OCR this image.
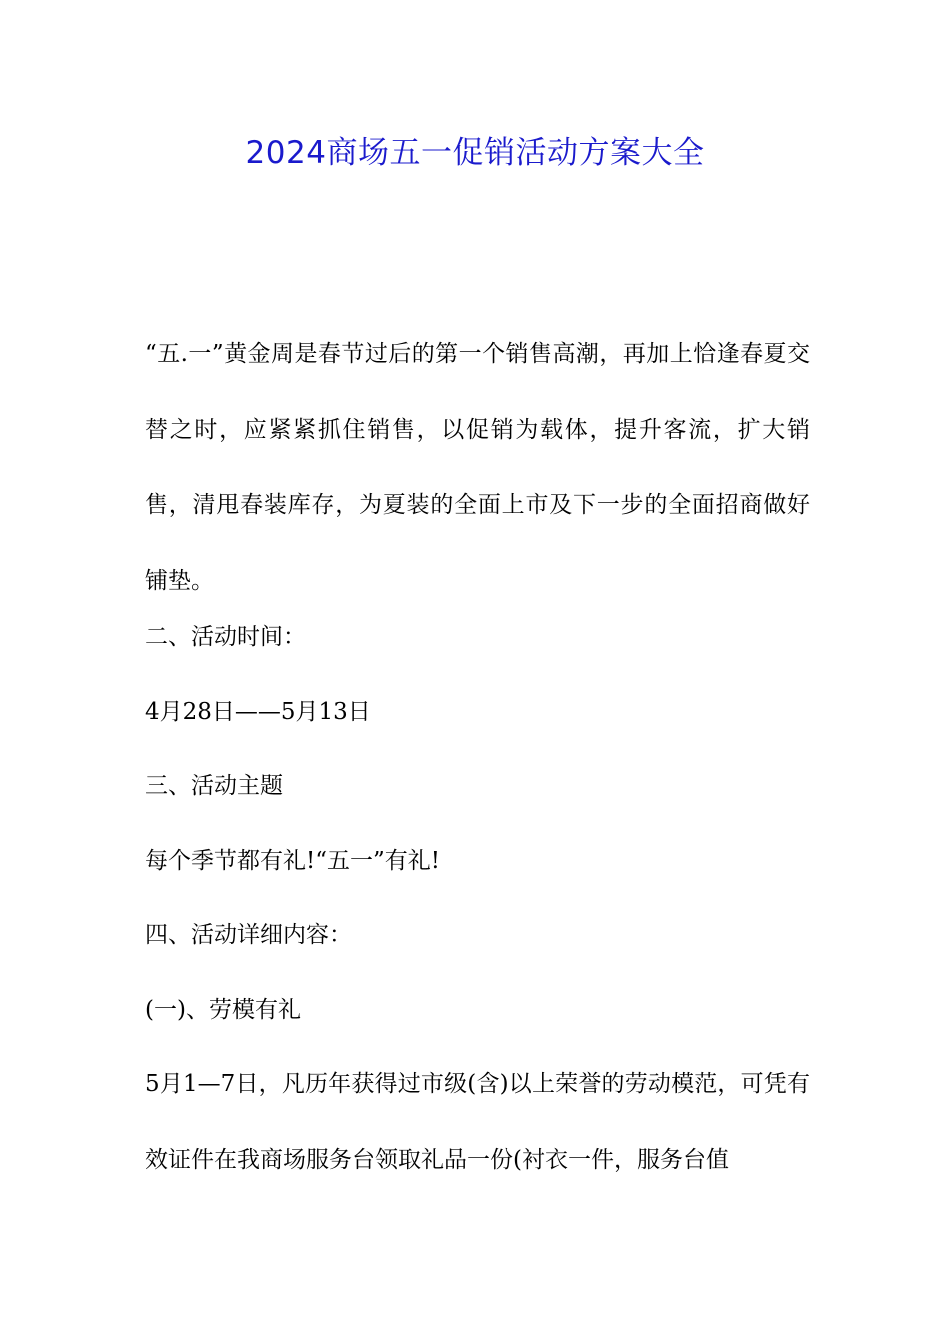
2024商场五一促销活动方案大全

“五.一”黄金周是春节过后的第一个销售高潮，再加上恰逢春夏交替之时，应紧紧抓住销售，以促销为载体，提升客流，扩大销售，清甩春装库存，为夏装的全面上市及下一步的全面招商做好铺垫。

二、活动时间：

4月28日——5月13日

三、活动主题

每个季节都有礼!“五一”有礼!

四、活动详细内容：

(一)、劳模有礼

5月1—7日，凡历年获得过市级(含)以上荣誉的劳动模范，可凭有效证件在我商场服务台领取礼品一份(衬衣一件，服务台值
